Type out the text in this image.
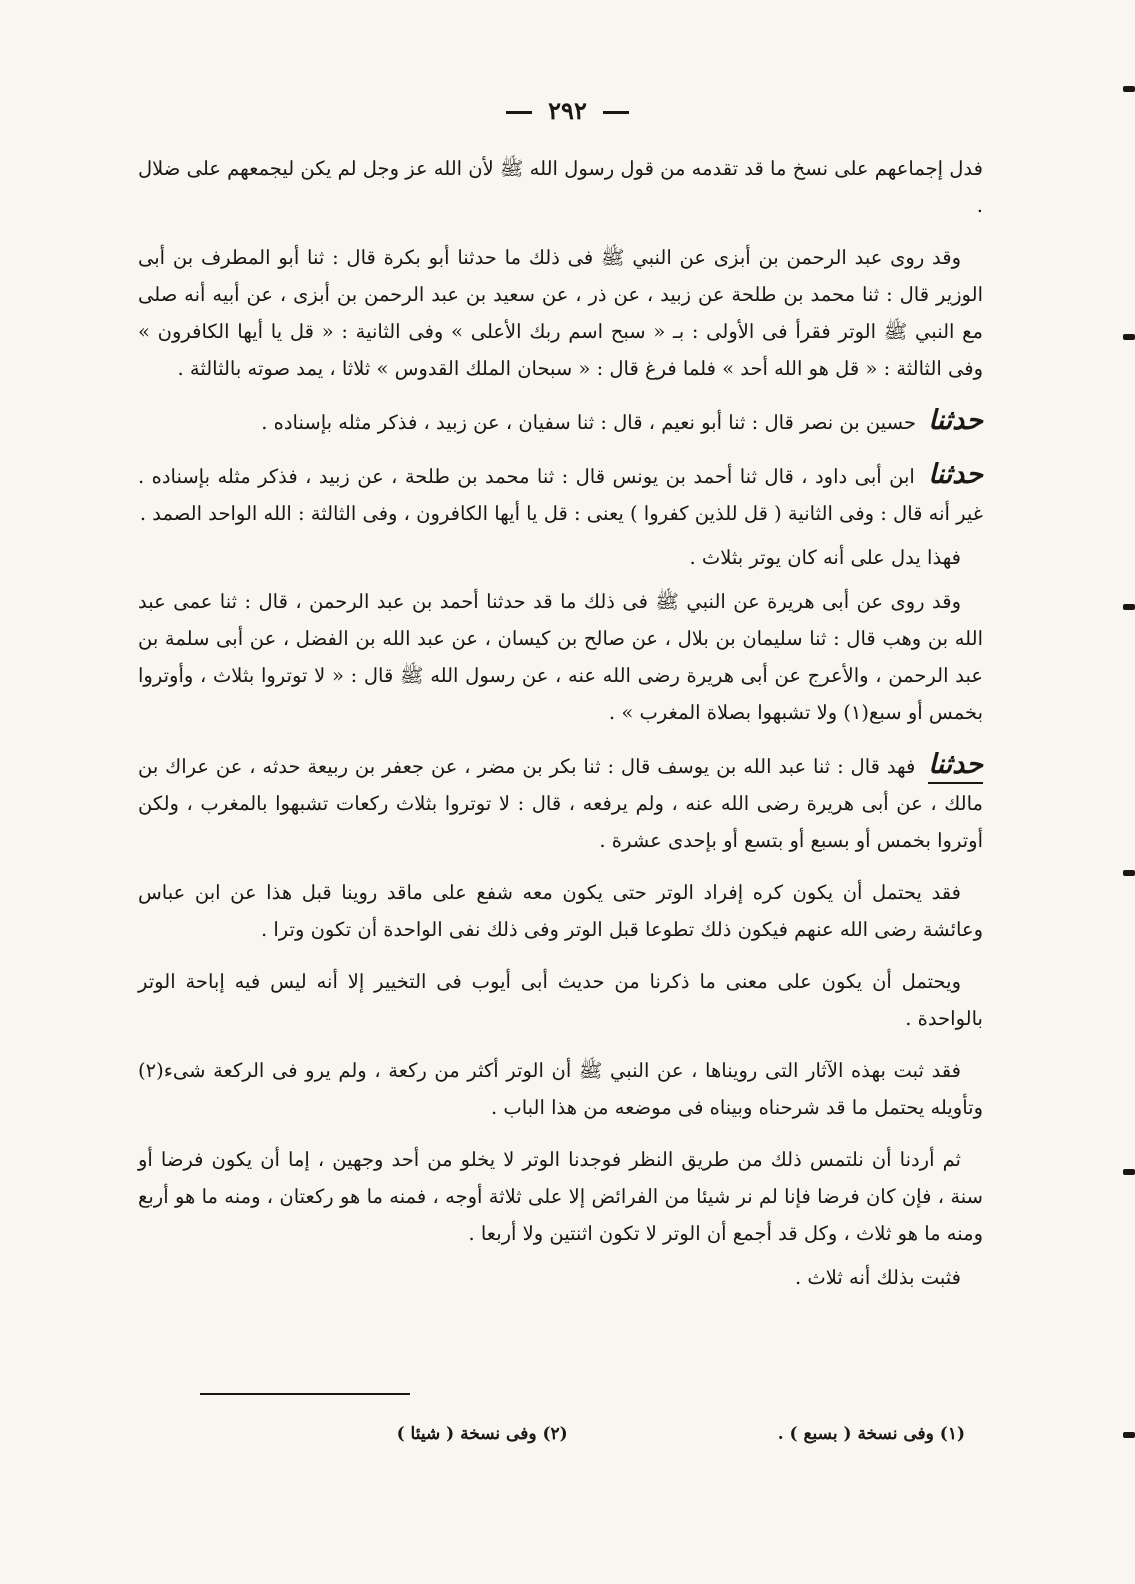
٢٩٢

فدل إجماعهم على نسخ ما قد تقدمه من قول رسول الله ﷺ لأن الله عز وجل لم يكن ليجمعهم على ضلال .

وقد روى عبد الرحمن بن أبزى عن النبي ﷺ فى ذلك ما حدثنا أبو بكرة قال : ثنا أبو المطرف بن أبى الوزير قال : ثنا محمد بن طلحة عن زبيد ، عن ذر ، عن سعيد بن عبد الرحمن بن أبزى ، عن أبيه أنه صلى مع النبي ﷺ الوتر فقرأ فى الأولى : بـ « سبح اسم ربك الأعلى » وفى الثانية : « قل يا أيها الكافرون » وفى الثالثة : « قل هو الله أحد » فلما فرغ قال : « سبحان الملك القدوس » ثلاثا ، يمد صوته بالثالثة .

حدثنا حسين بن نصر قال : ثنا أبو نعيم ، قال : ثنا سفيان ، عن زبيد ، فذكر مثله بإسناده .

حدثنا ابن أبى داود ، قال ثنا أحمد بن يونس قال : ثنا محمد بن طلحة ، عن زبيد ، فذكر مثله بإسناده . غير أنه قال : وفى الثانية ( قل للذين كفروا ) يعنى : قل يا أيها الكافرون ، وفى الثالثة : الله الواحد الصمد .

فهذا يدل على أنه كان يوتر بثلاث .

وقد روى عن أبى هريرة عن النبي ﷺ فى ذلك ما قد حدثنا أحمد بن عبد الرحمن ، قال : ثنا عمى عبد الله بن وهب قال : ثنا سليمان بن بلال ، عن صالح بن كيسان ، عن عبد الله بن الفضل ، عن أبى سلمة بن عبد الرحمن ، والأعرج عن أبى هريرة رضى الله عنه ، عن رسول الله ﷺ قال : « لا توتروا بثلاث ، وأوتروا بخمس أو سبع(١) ولا تشبهوا بصلاة المغرب » .

حدثنا فهد قال : ثنا عبد الله بن يوسف قال : ثنا بكر بن مضر ، عن جعفر بن ربيعة حدثه ، عن عراك بن مالك ، عن أبى هريرة رضى الله عنه ، ولم يرفعه ، قال : لا توتروا بثلاث ركعات تشبهوا بالمغرب ، ولكن أوتروا بخمس أو بسبع أو بتسع أو بإحدى عشرة .

فقد يحتمل أن يكون كره إفراد الوتر حتى يكون معه شفع على ماقد روينا قبل هذا عن ابن عباس وعائشة رضى الله عنهم فيكون ذلك تطوعا قبل الوتر وفى ذلك نفى الواحدة أن تكون وترا .

ويحتمل أن يكون على معنى ما ذكرنا من حديث أبى أيوب فى التخيير إلا أنه ليس فيه إباحة الوتر بالواحدة .

فقد ثبت بهذه الآثار التى رويناها ، عن النبي ﷺ أن الوتر أكثر من ركعة ، ولم يرو فى الركعة شىء(٢) وتأويله يحتمل ما قد شرحناه وبيناه فى موضعه من هذا الباب .

ثم أردنا أن نلتمس ذلك من طريق النظر فوجدنا الوتر لا يخلو من أحد وجهين ، إما أن يكون فرضا أو سنة ، فإن كان فرضا فإنا لم نر شيئا من الفرائض إلا على ثلاثة أوجه ، فمنه ما هو ركعتان ، ومنه ما هو أربع ومنه ما هو ثلاث ، وكل قد أجمع أن الوتر لا تكون اثنتين ولا أربعا .

فثبت بذلك أنه ثلاث .

(١) وفى نسخة ( بسبع ) .
(٢) وفى نسخة ( شيئا )
